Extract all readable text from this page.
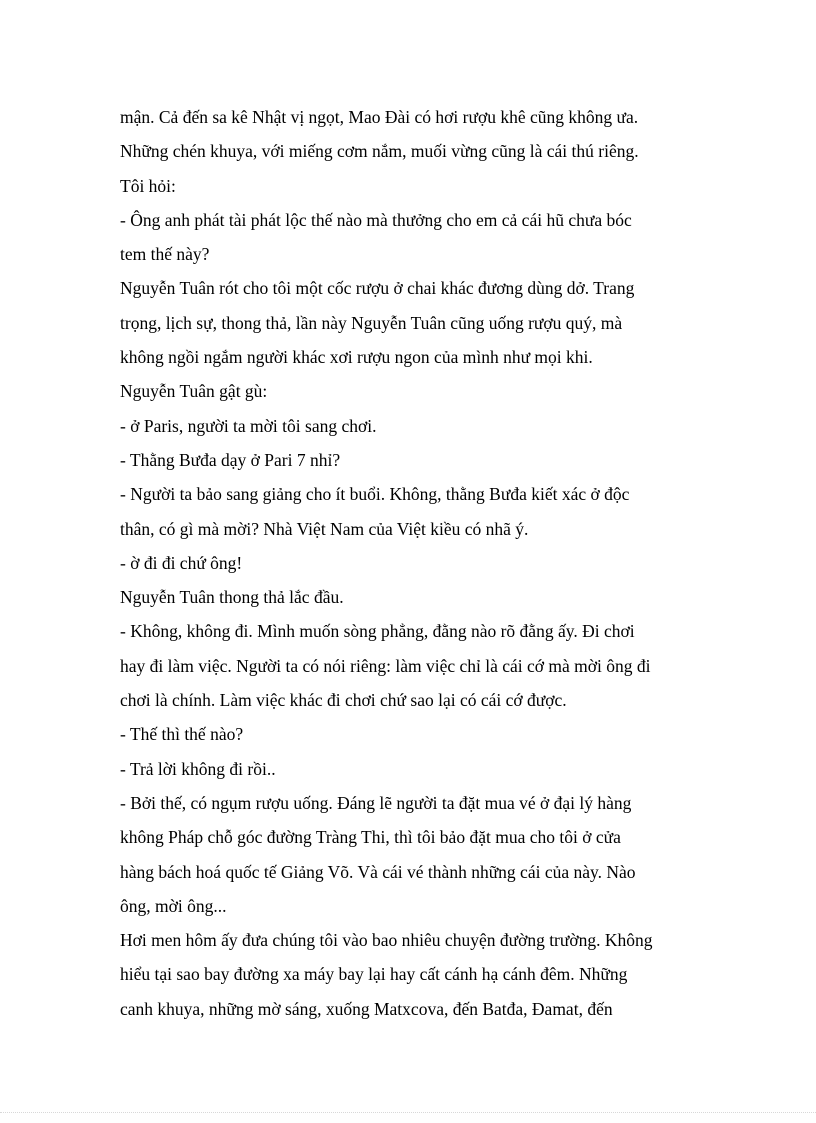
mận. Cả đến sa kê Nhật vị ngọt, Mao Đài có hơi rượu khê cũng không ưa.
Những chén khuya, với miếng cơm nắm, muối vừng cũng là cái thú riêng.
Tôi hỏi:
- Ông anh phát tài phát lộc thế nào mà thưởng cho em cả cái hũ chưa bóc
tem thế này?
Nguyễn Tuân rót cho tôi một cốc rượu ở chai khác đương dùng dở. Trang
trọng, lịch sự, thong thả, lần này Nguyễn Tuân cũng uống rượu quý, mà
không ngồi ngắm người khác xơi rượu ngon của mình như mọi khi.
Nguyễn Tuân gật gù:
- ở Paris, người ta mời tôi sang chơi.
- Thằng Bưđa dạy ở Pari 7 nhỉ?
- Người ta bảo sang giảng cho ít buổi. Không, thằng Bưđa kiết xác ở độc
thân, có gì mà mời? Nhà Việt Nam của Việt kiều có nhã ý.
- ờ đi đi chứ ông!
Nguyễn Tuân thong thả lắc đầu.
- Không, không đi. Mình muốn sòng phẳng, đằng nào rõ đằng ấy. Đi chơi
hay đi làm việc. Người ta có nói riêng: làm việc chỉ là cái cớ mà mời ông đi
chơi là chính. Làm việc khác đi chơi chứ sao lại có cái cớ được.
- Thế thì thế nào?
- Trả lời không đi rồi..
- Bởi thế, có ngụm rượu uống. Đáng lẽ người ta đặt mua vé ở đại lý hàng
không Pháp chỗ góc đường Tràng Thi, thì tôi bảo đặt mua cho tôi ở cửa
hàng bách hoá quốc tế Giảng Võ. Và cái vé thành những cái của này. Nào
ông, mời ông...
Hơi men hôm ấy đưa chúng tôi vào bao nhiêu chuyện đường trường. Không
hiểu tại sao bay đường xa máy bay lại hay cất cánh hạ cánh đêm. Những
canh khuya, những mờ sáng, xuống Matxcova, đến Batđa, Đamat, đến
